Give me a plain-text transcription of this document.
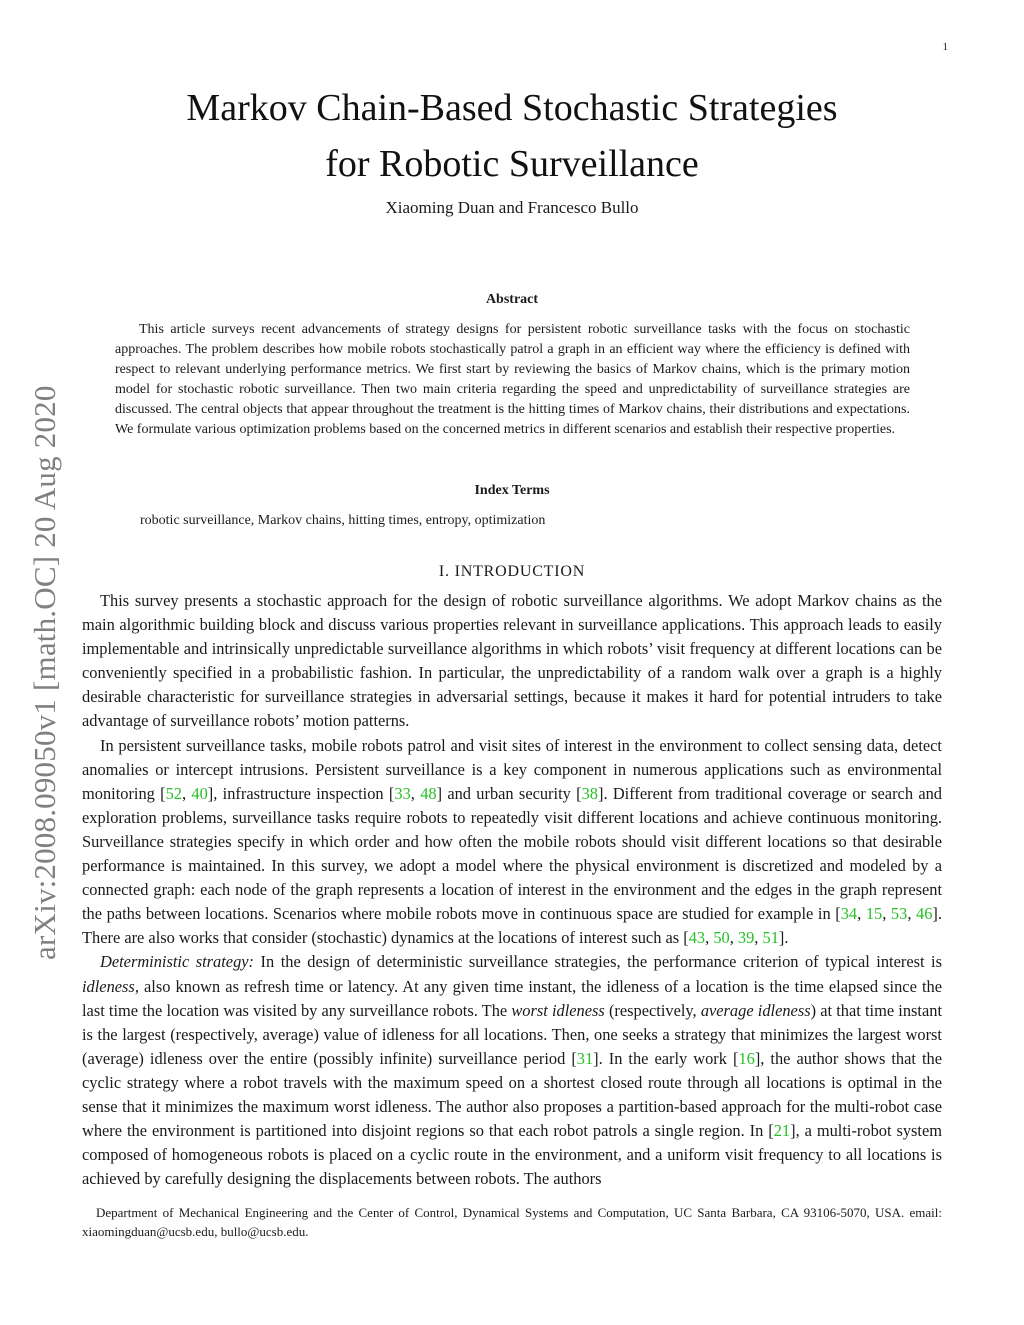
1
arXiv:2008.09050v1 [math.OC] 20 Aug 2020
Markov Chain-Based Stochastic Strategies
for Robotic Surveillance
Xiaoming Duan and Francesco Bullo
Abstract

This article surveys recent advancements of strategy designs for persistent robotic surveillance tasks with the focus on stochastic approaches. The problem describes how mobile robots stochastically patrol a graph in an efficient way where the efficiency is defined with respect to relevant underlying performance metrics. We first start by reviewing the basics of Markov chains, which is the primary motion model for stochastic robotic surveillance. Then two main criteria regarding the speed and unpredictability of surveillance strategies are discussed. The central objects that appear throughout the treatment is the hitting times of Markov chains, their distributions and expectations. We formulate various optimization problems based on the concerned metrics in different scenarios and establish their respective properties.

Index Terms

robotic surveillance, Markov chains, hitting times, entropy, optimization

I. INTRODUCTION

This survey presents a stochastic approach for the design of robotic surveillance algorithms. We adopt Markov chains as the main algorithmic building block and discuss various properties relevant in surveillance applications. This approach leads to easily implementable and intrinsically unpredictable surveillance algorithms in which robots’ visit frequency at different locations can be conveniently specified in a probabilistic fashion. In particular, the unpredictability of a random walk over a graph is a highly desirable characteristic for surveillance strategies in adversarial settings, because it makes it hard for potential intruders to take advantage of surveillance robots’ motion patterns.

In persistent surveillance tasks, mobile robots patrol and visit sites of interest in the environment to collect sensing data, detect anomalies or intercept intrusions. Persistent surveillance is a key component in numerous applications such as environmental monitoring [52, 40], infrastructure inspection [33, 48] and urban security [38]. Different from traditional coverage or search and exploration problems, surveillance tasks require robots to repeatedly visit different locations and achieve continuous monitoring. Surveillance strategies specify in which order and how often the mobile robots should visit different locations so that desirable performance is maintained. In this survey, we adopt a model where the physical environment is discretized and modeled by a connected graph: each node of the graph represents a location of interest in the environment and the edges in the graph represent the paths between locations. Scenarios where mobile robots move in continuous space are studied for example in [34, 15, 53, 46]. There are also works that consider (stochastic) dynamics at the locations of interest such as [43, 50, 39, 51].

Deterministic strategy: In the design of deterministic surveillance strategies, the performance criterion of typical interest is idleness, also known as refresh time or latency. At any given time instant, the idleness of a location is the time elapsed since the last time the location was visited by any surveillance robots. The worst idleness (respectively, average idleness) at that time instant is the largest (respectively, average) value of idleness for all locations. Then, one seeks a strategy that minimizes the largest worst (average) idleness over the entire (possibly infinite) surveillance period [31]. In the early work [16], the author shows that the cyclic strategy where a robot travels with the maximum speed on a shortest closed route through all locations is optimal in the sense that it minimizes the maximum worst idleness. The author also proposes a partition-based approach for the multi-robot case where the environment is partitioned into disjoint regions so that each robot patrols a single region. In [21], a multi-robot system composed of homogeneous robots is placed on a cyclic route in the environment, and a uniform visit frequency to all locations is achieved by carefully designing the displacements between robots. The authors

Department of Mechanical Engineering and the Center of Control, Dynamical Systems and Computation, UC Santa Barbara, CA 93106-5070, USA. email: xiaomingduan@ucsb.edu, bullo@ucsb.edu.
